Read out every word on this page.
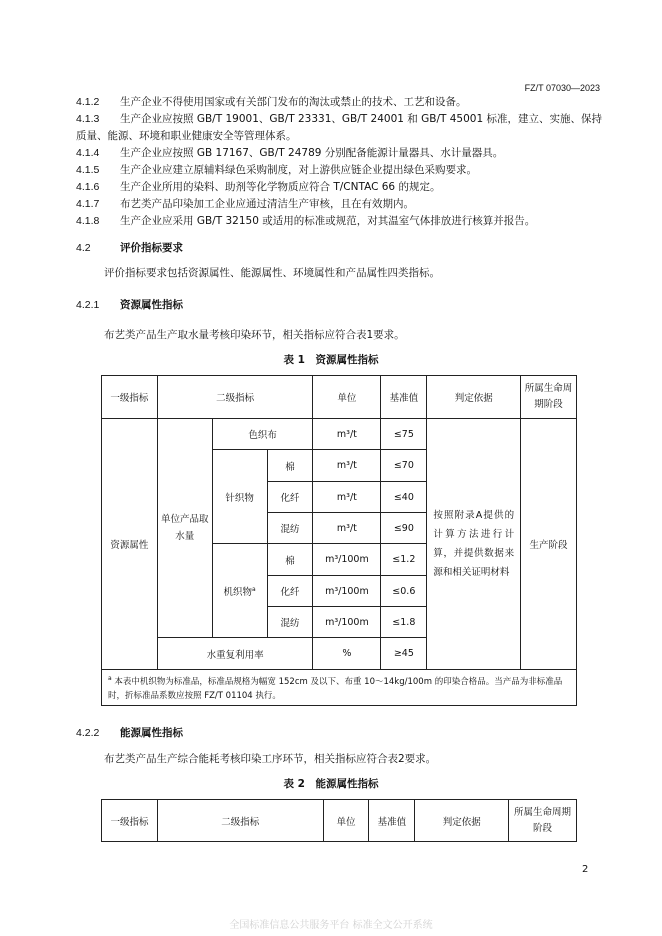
FZ/T 07030—2023
4.1.2 生产企业不得使用国家或有关部门发布的淘汰或禁止的技术、工艺和设备。
4.1.3 生产企业应按照 GB/T 19001、GB/T 23331、GB/T 24001 和 GB/T 45001 标准，建立、实施、保持质量、能源、环境和职业健康安全等管理体系。
4.1.4 生产企业应按照 GB 17167、GB/T 24789 分别配备能源计量器具、水计量器具。
4.1.5 生产企业应建立原辅料绿色采购制度，对上游供应链企业提出绿色采购要求。
4.1.6 生产企业所用的染料、助剂等化学物质应符合 T/CNTAC 66 的规定。
4.1.7 布艺类产品印染加工企业应通过清洁生产审核，且在有效期内。
4.1.8 生产企业应采用 GB/T 32150 或适用的标准或规范，对其温室气体排放进行核算并报告。
4.2	评价指标要求
评价指标要求包括资源属性、能源属性、环境属性和产品属性四类指标。
4.2.1 资源属性指标
布艺类产品生产取水量考核印染环节，相关指标应符合表1要求。
表 1　资源属性指标
一级指标	二级指标			单位	基准值	判定依据	所属生命周期阶段
资源属性	单位产品取水量	色织布		m³/t	≤75	按照附录A提供的计算方法进行计算，并提供数据来源和相关证明材料	生产阶段
		针织物	棉	m³/t	≤70		
			化纤	m³/t	≤40		
			混纺	m³/t	≤90		
		机织物$^a$	棉	m³/100m	≤1.2		
			化纤	m³/100m	≤0.6		
			混纺	m³/100m	≤1.8		
	水重复利用率			%	≥45		
$^a$ 本表中机织物为标准品，标准品规格为幅宽 152cm 及以下、布重 10～14kg/100m 的印染合格品。当产品为非标准品时，折标准品系数应按照 FZ/T 01104 执行。							
4.2.2 能源属性指标
布艺类产品生产综合能耗考核印染工序环节，相关指标应符合表2要求。
表 2　能源属性指标
一级指标	二级指标	单位	基准值	判定依据	所属生命周期阶段
2
全国标准信息公共服务平台 标准全文公开系统
